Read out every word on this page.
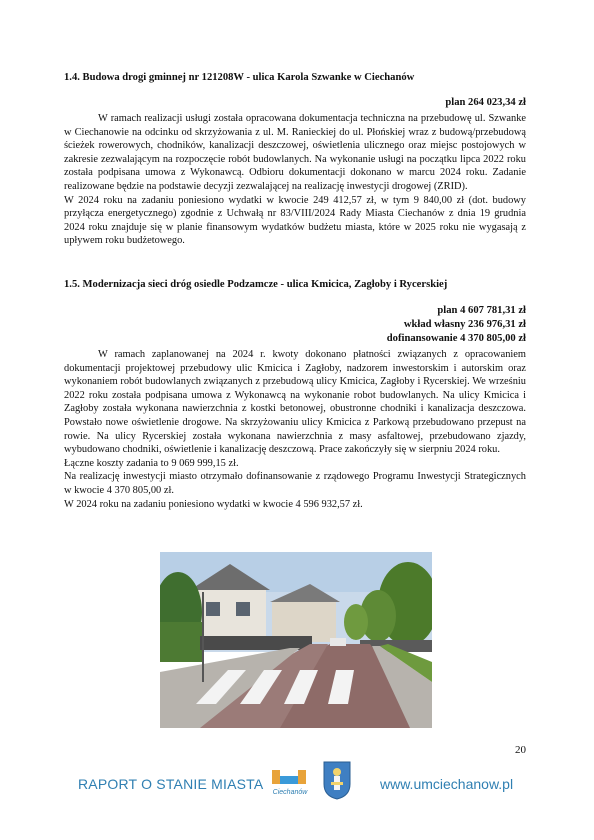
1.4. Budowa drogi gminnej nr 121208W - ulica Karola Szwanke w Ciechanów
plan 264 023,34 zł

W ramach realizacji usługi została opracowana dokumentacja techniczna na przebudowę ul. Szwanke w Ciechanowie na odcinku od skrzyżowania z ul. M. Ranieckiej do ul. Płońskiej wraz z budową/przebudową ścieżek rowerowych, chodników, kanalizacji deszczowej, oświetlenia ulicznego oraz miejsc postojowych w zakresie zezwalającym na rozpoczęcie robót budowlanych. Na wykonanie usługi na początku lipca 2022 roku została podpisana umowa z Wykonawcą. Odbioru dokumentacji dokonano w marcu 2024 roku. Zadanie realizowane będzie na podstawie decyzji zezwalającej na realizację inwestycji drogowej (ZRID).

W 2024 roku na zadaniu poniesiono wydatki w kwocie 249 412,57 zł, w tym 9 840,00 zł (dot. budowy przyłącza energetycznego) zgodnie z Uchwałą nr 83/VIII/2024 Rady Miasta Ciechanów z dnia 19 grudnia 2024 roku znajduje się w planie finansowym wydatków budżetu miasta, które w 2025 roku nie wygasają z upływem roku budżetowego.

1.5. Modernizacja sieci dróg osiedle Podzamcze - ulica Kmicica, Zagłoby i Rycerskiej
plan 4 607 781,31 zł
wkład własny 236 976,31 zł
dofinansowanie 4 370 805,00 zł

W ramach zaplanowanej na 2024 r. kwoty dokonano płatności związanych z opracowaniem dokumentacji projektowej przebudowy ulic Kmicica i Zagłoby, nadzorem inwestorskim i autorskim oraz wykonaniem robót budowlanych związanych z przebudową ulicy Kmicica, Zagłoby i Rycerskiej. We wrześniu 2022 roku została podpisana umowa z Wykonawcą na wykonanie robot budowlanych. Na ulicy Kmicica i Zagłoby została wykonana nawierzchnia z kostki betonowej, obustronne chodniki i kanalizacja deszczowa. Powstało nowe oświetlenie drogowe. Na skrzyżowaniu ulicy Kmicica z Parkową przebudowano przepust na rowie. Na ulicy Rycerskiej została wykonana nawierzchnia z masy asfaltowej, przebudowano zjazdy, wybudowano chodniki, oświetlenie i kanalizację deszczową. Prace zakończyły się w sierpniu 2024 roku.

Łączne koszty zadania to 9 069 999,15 zł.

Na realizację inwestycji miasto otrzymało dofinansowanie z rządowego Programu Inwestycji Strategicznych w kwocie 4 370 805,00 zł.

W 2024 roku na zadaniu poniesiono wydatki w kwocie 4 596 932,57 zł.

20
RAPORT O STANIE MIASTA
Ciechanów
www.umciechanow.pl
